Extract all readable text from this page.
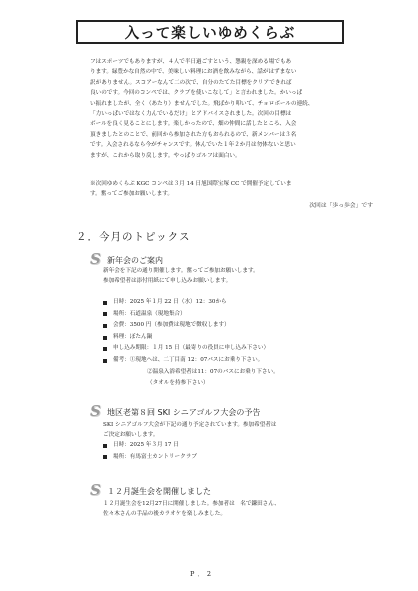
入って楽しいゆめくらぶ
フはスポーツでもありますが、４人で半日過ごすという、懇親を深める場でもあ
ります。緑豊かな自然の中で、美味しい料理にお酒を飲みながら、話がはずまない
訳がありません。スコアーなんて二の次で、自分のたてた目標をクリアできれば
良いのです。今回のコンペでは、クラブを使いこなして」と言われました。かいっぱ
い振れましたが、全く（あたり）ませんでした。飛ばかり叩いて、チョロボールの連続、
「力いっぱいではなく力んでいるだけ」とアドバイスされました。次回の目標は
ボールを良く見ることにします。楽しかったので、畑の仲間に話したところ、入会
頂きましたとのことで、前回から参加された方もおられるので、新メンバーは３名
です。入会されるなら今がチャンスです。休んでいた１年２か月は勿体ないと思い
ますが、これから取り戻します。やっぱりゴルフは面白い。
※次回ゆめくらぶ KGC コンペは３月 14 日旭国際宝塚 CC で開催予定していま
す。奮ってご参加お願いします。
次回は「歩っ歩会」です
２．今月のトピックス
S
新年会のご案内
新年会を下記の通り開催します。奮ってご参加お願いします。
参加希望者は添付用紙にて申し込みお願いします。
日時：2025 年１月 22 日（水）12：30から
場所：石道温泉（現地集合）
会費：3500 円（参加費は現地で徴収します）
料理：ぼたん鍋
申し込み期限：１月 15 日（最寄りの役員に申し込み下さい）
備考：①現地へは、二丁目南 12：07バスにお乗り下さい。
②温泉入浴希望者は11：07のバスにお乗り下さい。
（タオルを持参下さい）
S
地区老第８回 SKI シニアゴルフ大会の予告
SKI シニアゴルフ大会が下記の通り予定されています。参加希望者は
ご決定お願いします。
日時：2025 年３月 17 日
場所：有馬富士カントリークラブ
S
１２月誕生会を開催しました
１２月誕生会を12月27日に開催しました。参加者は　名で鎌田さん、
佐々木さんの手品の後カラオケを楽しみました。
P．2
